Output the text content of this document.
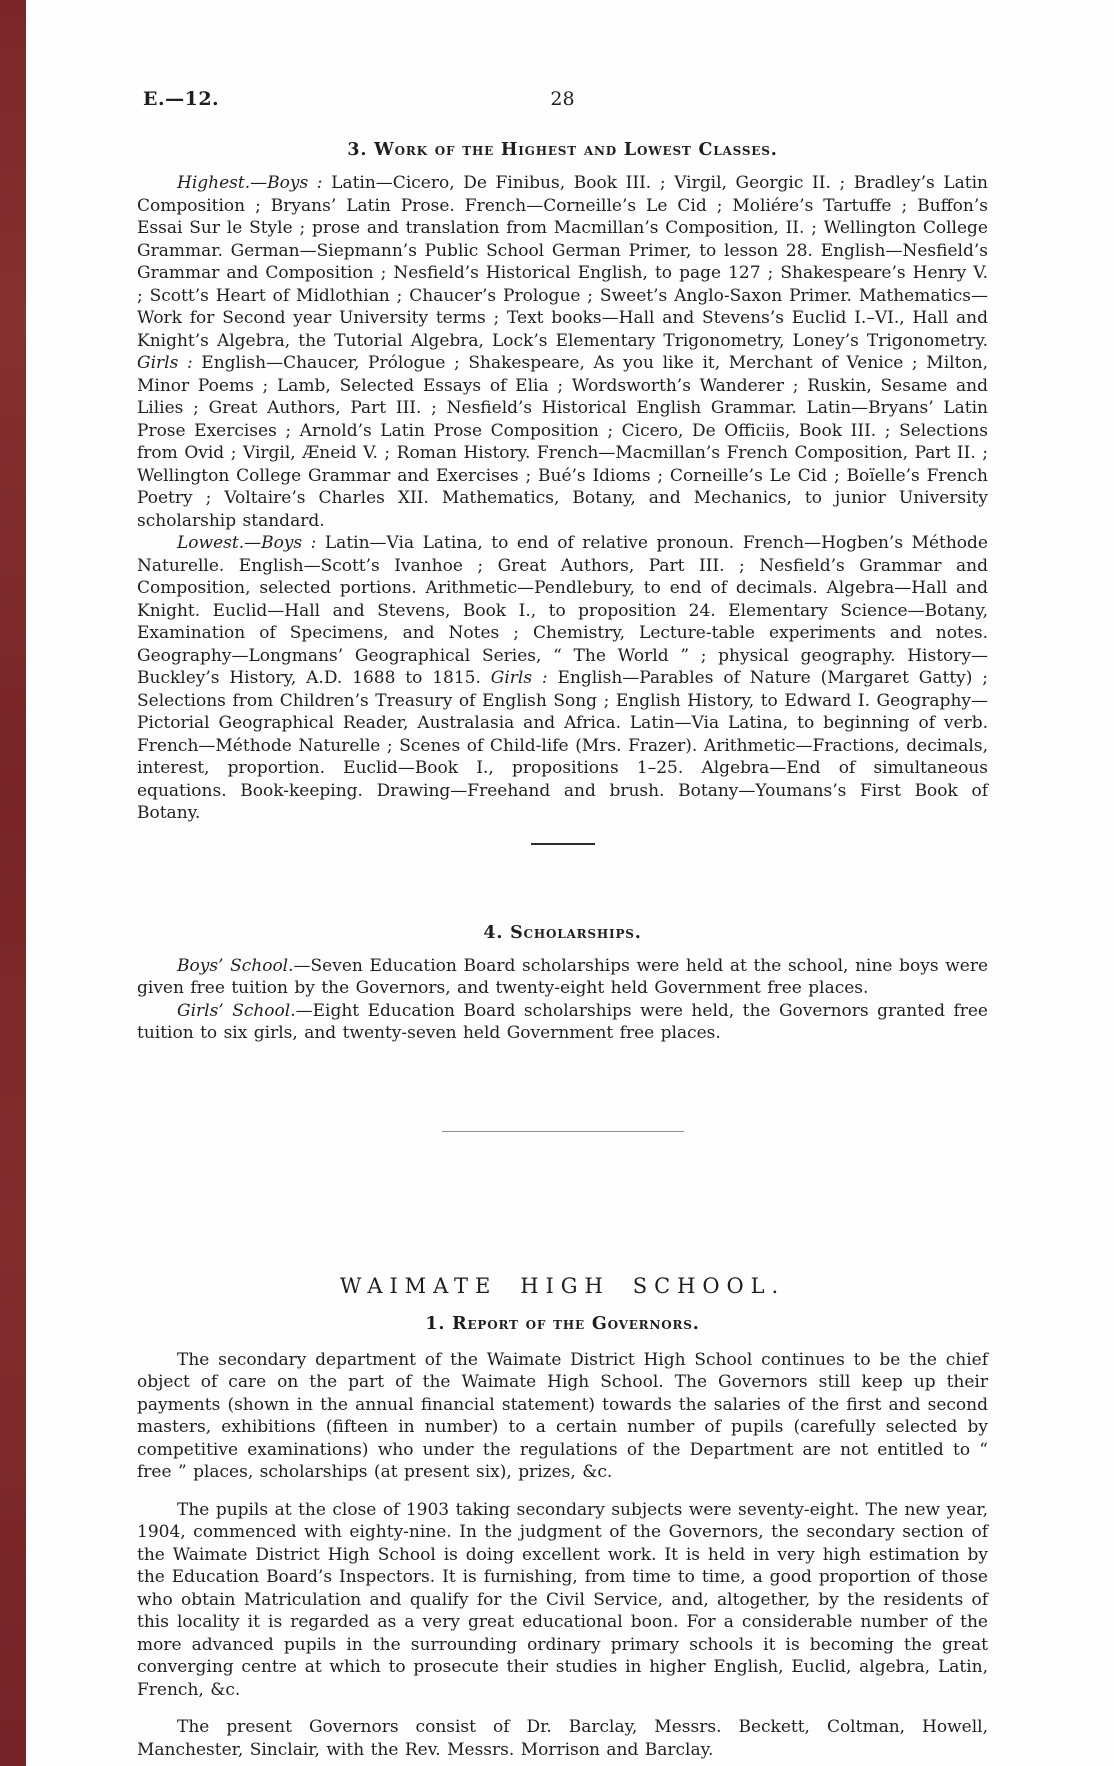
E.—12.	28
3. Work of the Highest and Lowest Classes.

Highest.—Boys : Latin—Cicero, De Finibus, Book III. ; Virgil, Georgic II. ; Bradley’s Latin Composition ; Bryans’ Latin Prose. French—Corneille’s Le Cid ; Moliére’s Tartuffe ; Buffon’s Essai Sur le Style ; prose and translation from Macmillan’s Composition, II. ; Wellington College Grammar. German—Siepmann’s Public School German Primer, to lesson 28. English—Nesfield’s Grammar and Composition ; Nesfield’s Historical English, to page 127 ; Shakespeare’s Henry V. ; Scott’s Heart of Midlothian ; Chaucer’s Prologue ; Sweet’s Anglo-Saxon Primer. Mathematics—Work for Second year University terms ; Text books—Hall and Stevens’s Euclid I.–VI., Hall and Knight’s Algebra, the Tutorial Algebra, Lock’s Elementary Trigonometry, Loney’s Trigonometry. Girls : English—Chaucer, Prólogue ; Shakespeare, As you like it, Merchant of Venice ; Milton, Minor Poems ; Lamb, Selected Essays of Elia ; Wordsworth’s Wanderer ; Ruskin, Sesame and Lilies ; Great Authors, Part III. ; Nesfield’s Historical English Grammar. Latin—Bryans’ Latin Prose Exercises ; Arnold’s Latin Prose Composition ; Cicero, De Officiis, Book III. ; Selections from Ovid ; Virgil, Æneid V. ; Roman History. French—Macmillan’s French Composition, Part II. ; Wellington College Grammar and Exercises ; Bué’s Idioms ; Corneille’s Le Cid ; Boïelle’s French Poetry ; Voltaire’s Charles XII. Mathematics, Botany, and Mechanics, to junior University scholarship standard.

Lowest.—Boys : Latin—Via Latina, to end of relative pronoun. French—Hogben’s Méthode Naturelle. English—Scott’s Ivanhoe ; Great Authors, Part III. ; Nesfield’s Grammar and Composition, selected portions. Arithmetic—Pendlebury, to end of decimals. Algebra—Hall and Knight. Euclid—Hall and Stevens, Book I., to proposition 24. Elementary Science—Botany, Examination of Specimens, and Notes ; Chemistry, Lecture-table experiments and notes. Geography—Longmans’ Geographical Series, “ The World ” ; physical geography. History—Buckley’s History, A.D. 1688 to 1815. Girls : English—Parables of Nature (Margaret Gatty) ; Selections from Children’s Treasury of English Song ; English History, to Edward I. Geography—Pictorial Geographical Reader, Australasia and Africa. Latin—Via Latina, to beginning of verb. French—Méthode Naturelle ; Scenes of Child-life (Mrs. Frazer). Arithmetic—Fractions, decimals, interest, proportion. Euclid—Book I., propositions 1–25. Algebra—End of simultaneous equations. Book-keeping. Drawing—Freehand and brush. Botany—Youmans’s First Book of Botany.

4. Scholarships.

Boys’ School.—Seven Education Board scholarships were held at the school, nine boys were given free tuition by the Governors, and twenty-eight held Government free places.

Girls’ School.—Eight Education Board scholarships were held, the Governors granted free tuition to six girls, and twenty-seven held Government free places.

WAIMATE HIGH SCHOOL.
1. Report of the Governors.

The secondary department of the Waimate District High School continues to be the chief object of care on the part of the Waimate High School. The Governors still keep up their payments (shown in the annual financial statement) towards the salaries of the first and second masters, exhibitions (fifteen in number) to a certain number of pupils (carefully selected by competitive examinations) who under the regulations of the Department are not entitled to “ free ” places, scholarships (at present six), prizes, &c.

The pupils at the close of 1903 taking secondary subjects were seventy-eight. The new year, 1904, commenced with eighty-nine. In the judgment of the Governors, the secondary section of the Waimate District High School is doing excellent work. It is held in very high estimation by the Education Board’s Inspectors. It is furnishing, from time to time, a good proportion of those who obtain Matriculation and qualify for the Civil Service, and, altogether, by the residents of this locality it is regarded as a very great educational boon. For a considerable number of the more advanced pupils in the surrounding ordinary primary schools it is becoming the great converging centre at which to prosecute their studies in higher English, Euclid, algebra, Latin, French, &c.

The present Governors consist of Dr. Barclay, Messrs. Beckett, Coltman, Howell, Manchester, Sinclair, with the Rev. Messrs. Morrison and Barclay.
